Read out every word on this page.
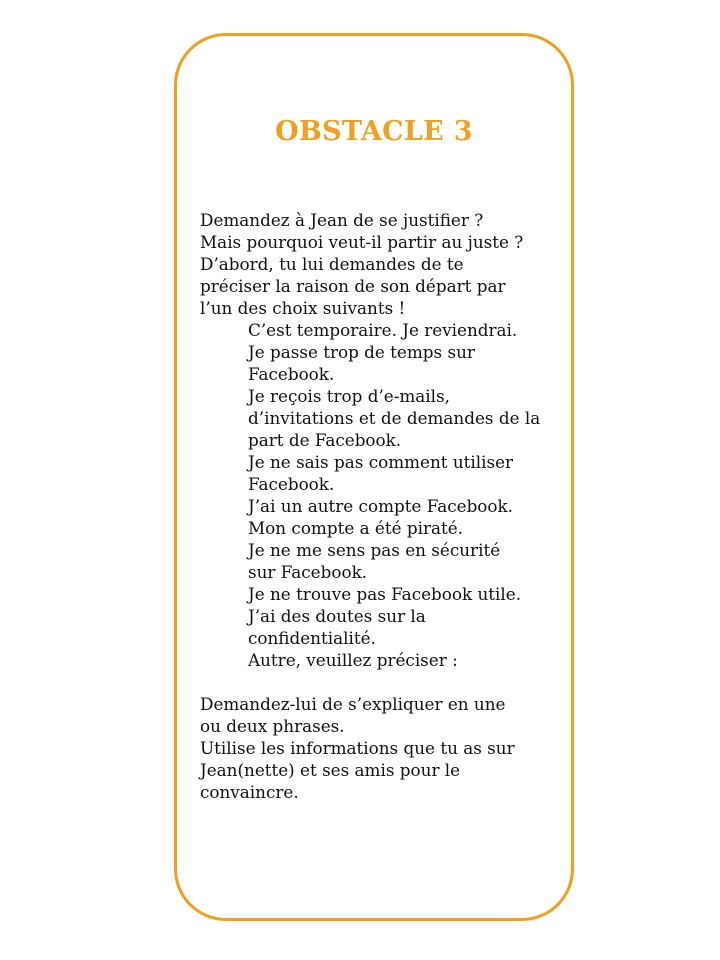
OBSTACLE 3

Demandez à Jean de se justifier ?

Mais pourquoi veut-il partir au juste ?

D’abord, tu lui demandes de te préciser la raison de son départ par l’un des choix suivants !

C’est temporaire. Je reviendrai.
Je passe trop de temps sur Facebook.
Je reçois trop d’e-mails, d’invitations et de demandes de la part de Facebook.
Je ne sais pas comment utiliser Facebook.
J’ai un autre compte Facebook.
Mon compte a été piraté.
Je ne me sens pas en sécurité sur Facebook.
Je ne trouve pas Facebook utile.
J’ai des doutes sur la confidentialité.
Autre, veuillez préciser :

Demandez-lui de s’expliquer en une ou deux phrases.

Utilise les informations que tu as sur Jean(nette) et ses amis pour le convaincre.
